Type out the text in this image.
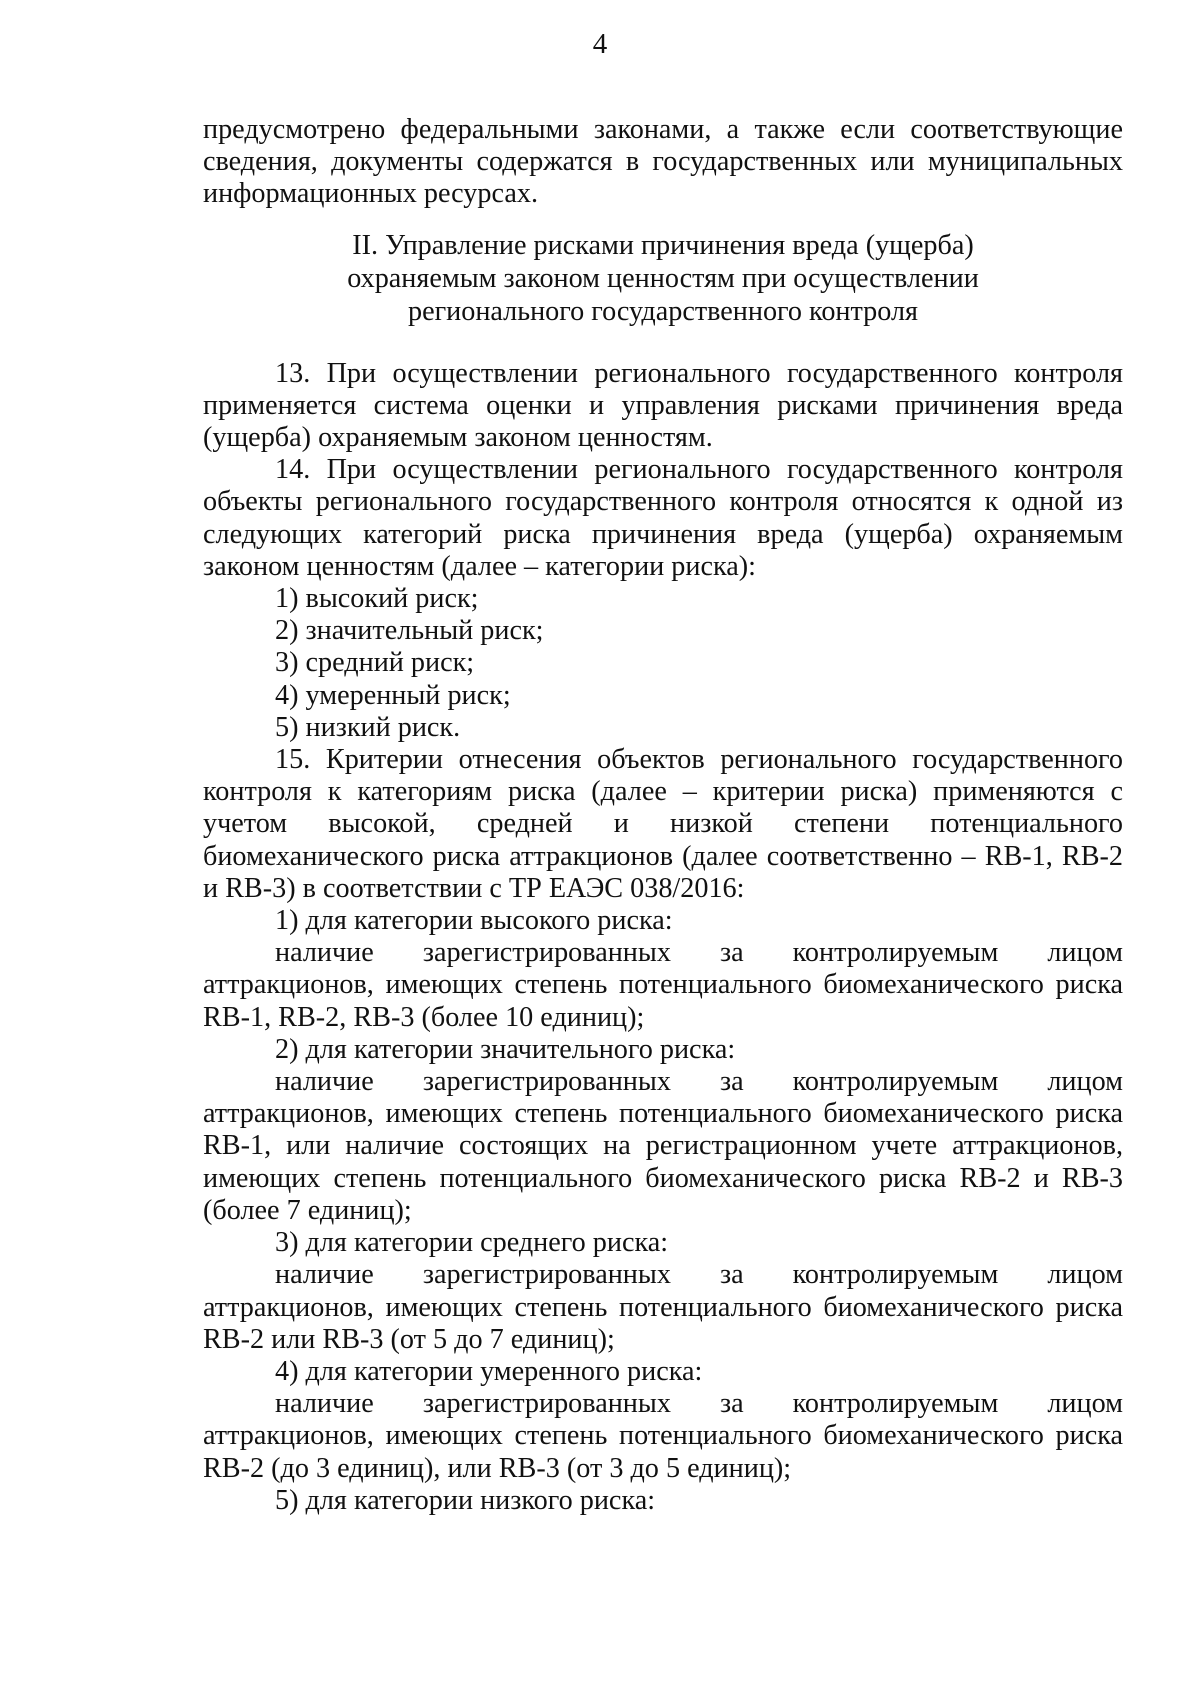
4

предусмотрено федеральными законами, а также если соответствующие сведения, документы содержатся в государственных или муниципальных информационных ресурсах.

II. Управление рисками причинения вреда (ущерба)
охраняемым законом ценностям при осуществлении
регионального государственного контроля

13. При осуществлении регионального государственного контроля применяется система оценки и управления рисками причинения вреда (ущерба) охраняемым законом ценностям.

14. При осуществлении регионального государственного контроля объекты регионального государственного контроля относятся к одной из следующих категорий риска причинения вреда (ущерба) охраняемым законом ценностям (далее – категории риска):

1) высокий риск;

2) значительный риск;

3) средний риск;

4) умеренный риск;

5) низкий риск.

15. Критерии отнесения объектов регионального государственного контроля к категориям риска (далее – критерии риска) применяются с учетом высокой, средней и низкой степени потенциального биомеханического риска аттракционов (далее соответственно – RB-1, RB-2 и RB-3) в соответствии с ТР ЕАЭС 038/2016:

1) для категории высокого риска:

наличие зарегистрированных за контролируемым лицом

аттракционов, имеющих степень потенциального биомеханического риска RB-1, RB-2, RB-3 (более 10 единиц);

2) для категории значительного риска:

наличие зарегистрированных за контролируемым лицом

аттракционов, имеющих степень потенциального биомеханического риска RB-1, или наличие состоящих на регистрационном учете аттракционов, имеющих степень потенциального биомеханического риска RB-2 и RB-3 (более 7 единиц);

3) для категории среднего риска:

наличие зарегистрированных за контролируемым лицом

аттракционов, имеющих степень потенциального биомеханического риска RB-2 или RB-3 (от 5 до 7 единиц);

4) для категории умеренного риска:

наличие зарегистрированных за контролируемым лицом

аттракционов, имеющих степень потенциального биомеханического риска RB-2 (до 3 единиц), или RB-3 (от 3 до 5 единиц);

5) для категории низкого риска:
